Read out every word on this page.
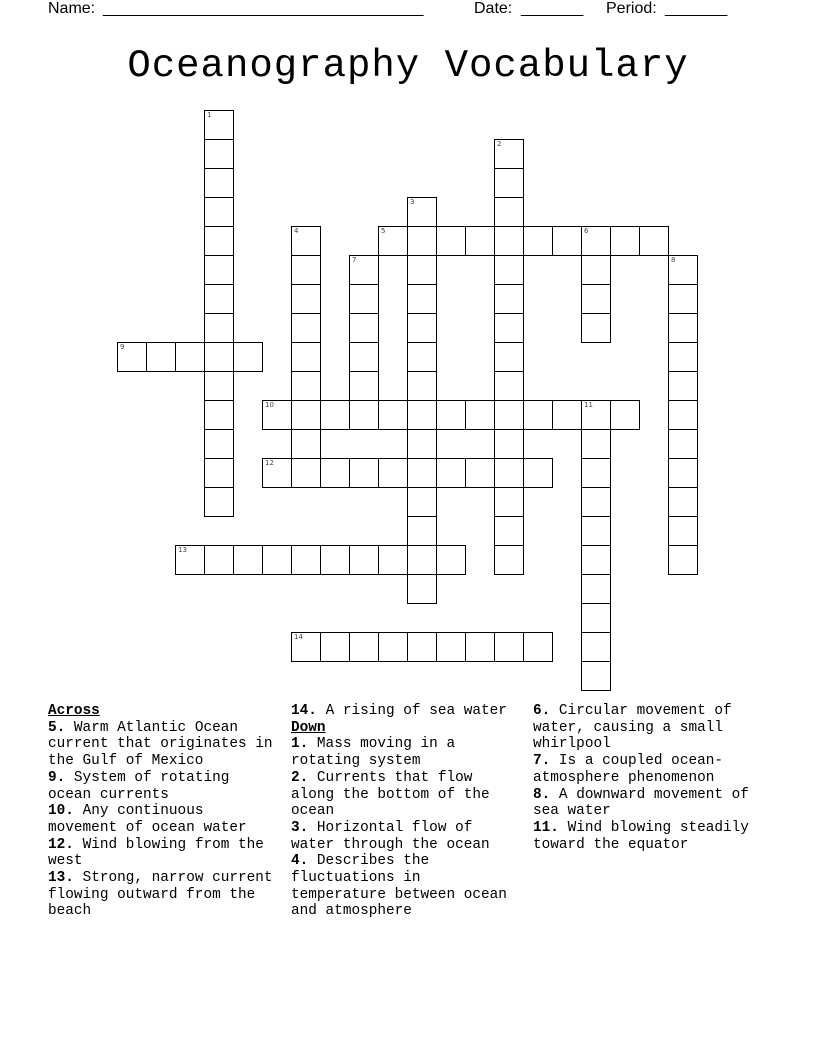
Name: ____________________________________	Date: _______ Period: _______
Oceanography Vocabulary
1
2
3
4	5	6
7	8
9
10	11
12
13
14
Across
5. Warm Atlantic Ocean current that originates in the Gulf of Mexico
9. System of rotating ocean currents
10. Any continuous movement of ocean water
12. Wind blowing from the west
13. Strong, narrow current flowing outward from the beach
14. A rising of sea water
Down
1. Mass moving in a rotating system
2. Currents that flow along the bottom of the ocean
3. Horizontal flow of water through the ocean
4. Describes the fluctuations in temperature between ocean and atmosphere
6. Circular movement of water, causing a small whirlpool
7. Is a coupled ocean-atmosphere phenomenon
8. A downward movement of sea water
11. Wind blowing steadily toward the equator
